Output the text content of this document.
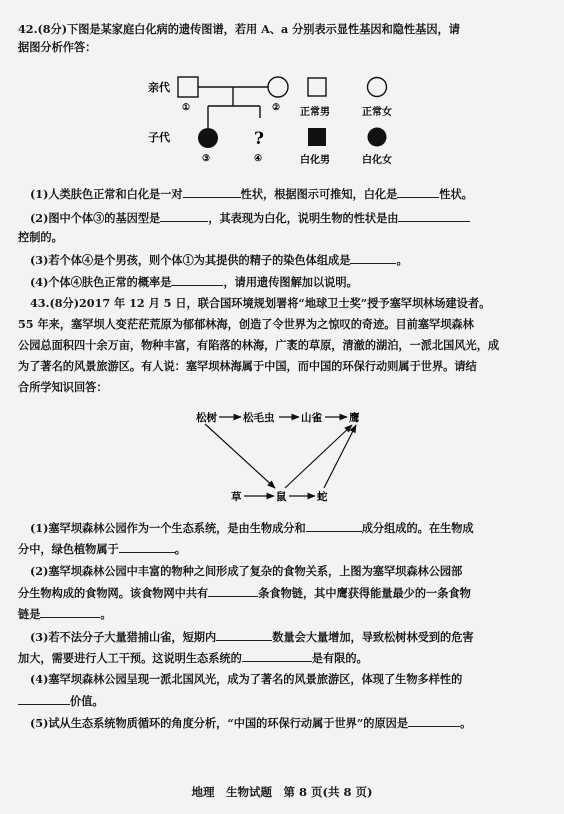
42.(8分)下图是某家庭白化病的遗传图谱，若用 A、a 分别表示显性基因和隐性基因，请
据图分析作答：
亲代
子代
①	②
?
③	④
正常男	正常女
白化男	白化女
(1)人类肤色正常和白化是一对	性状，根据图示可推知，白化是	性状。
(2)图中个体③的基因型是	，其表现为白化，说明生物的性状是由
控制的。
(3)若个体④是个男孩，则个体①为其提供的精子的染色体组成是	。
(4)个体④肤色正常的概率是	，请用遗传图解加以说明。
43.(8分)2017 年 12 月 5 日，联合国环境规划署将“地球卫士奖”授予塞罕坝林场建设者。
55 年来，塞罕坝人变茫茫荒原为郁郁林海，创造了令世界为之惊叹的奇迹。目前塞罕坝森林
公园总面积四十余万亩，物种丰富，有陷落的林海，广袤的草原，清澈的湖泊，一派北国风光，成
为了著名的风景旅游区。有人说：塞罕坝林海属于中国，而中国的环保行动则属于世界。请结
合所学知识回答：
松树 松毛虫	山雀	鹰
草	鼠	蛇
(1)塞罕坝森林公园作为一个生态系统，是由生物成分和	成分组成的。在生物成
分中，绿色植物属于	。
(2)塞罕坝森林公园中丰富的物种之间形成了复杂的食物关系，上图为塞罕坝森林公园部
分生物构成的食物网。该食物网中共有	条食物链，其中鹰获得能量最少的一条食物
链是	。
(3)若不法分子大量猎捕山雀，短期内	数量会大量增加，导致松树林受到的危害
加大，需要进行人工干预。这说明生态系统的	是有限的。
(4)塞罕坝森林公园呈现一派北国风光，成为了著名的风景旅游区，体现了生物多样性的
价值。
(5)试从生态系统物质循环的角度分析，“中国的环保行动属于世界”的原因是	。
地理　生物试题　第 8 页(共 8 页)
